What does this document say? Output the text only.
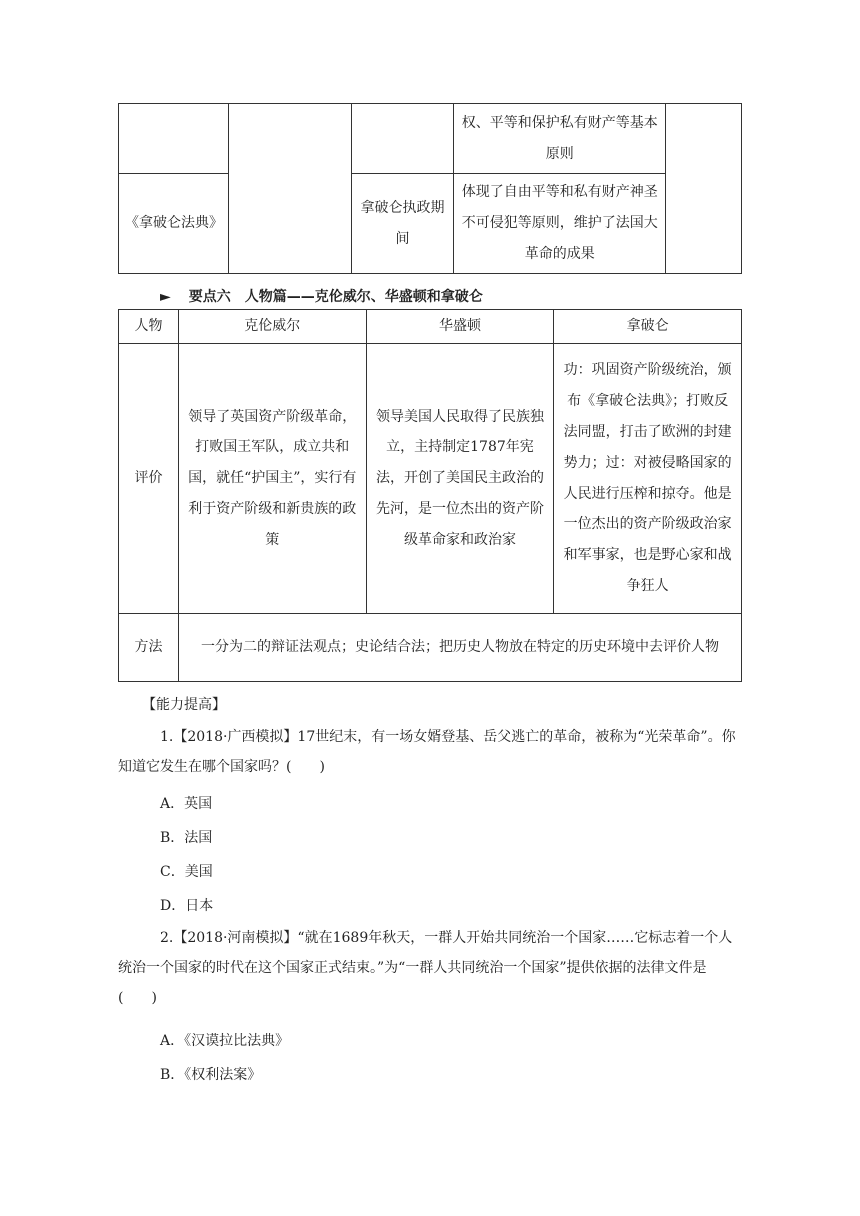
			权、平等和保护私有财产等基本原则	
《拿破仑法典》		拿破仑执政期间	体现了自由平等和私有财产神圣不可侵犯等原则，维护了法国大革命的成果	
► 要点六　人物篇——克伦威尔、华盛顿和拿破仑
人物	克伦威尔	华盛顿	拿破仑
评价	领导了英国资产阶级革命，打败国王军队，成立共和国，就任“护国主”，实行有利于资产阶级和新贵族的政策	领导美国人民取得了民族独立，主持制定1787年宪法，开创了美国民主政治的先河，是一位杰出的资产阶级革命家和政治家	功：巩固资产阶级统治，颁布《拿破仑法典》；打败反法同盟，打击了欧洲的封建势力；过：对被侵略国家的人民进行压榨和掠夺。他是一位杰出的资产阶级政治家和军事家，也是野心家和战争狂人
方法	一分为二的辩证法观点；史论结合法；把历史人物放在特定的历史环境中去评价人物		
【能力提高】
1.【2018·广西模拟】17世纪末，有一场女婿登基、岳父逃亡的革命，被称为“光荣革命”。你知道它发生在哪个国家吗？(　　)
A．英国
B．法国
C．美国
D．日本
2.【2018·河南模拟】“就在1689年秋天，一群人开始共同统治一个国家……它标志着一个人统治一个国家的时代在这个国家正式结束。”为“一群人共同统治一个国家”提供依据的法律文件是(　　)
A．《汉谟拉比法典》
B．《权利法案》
